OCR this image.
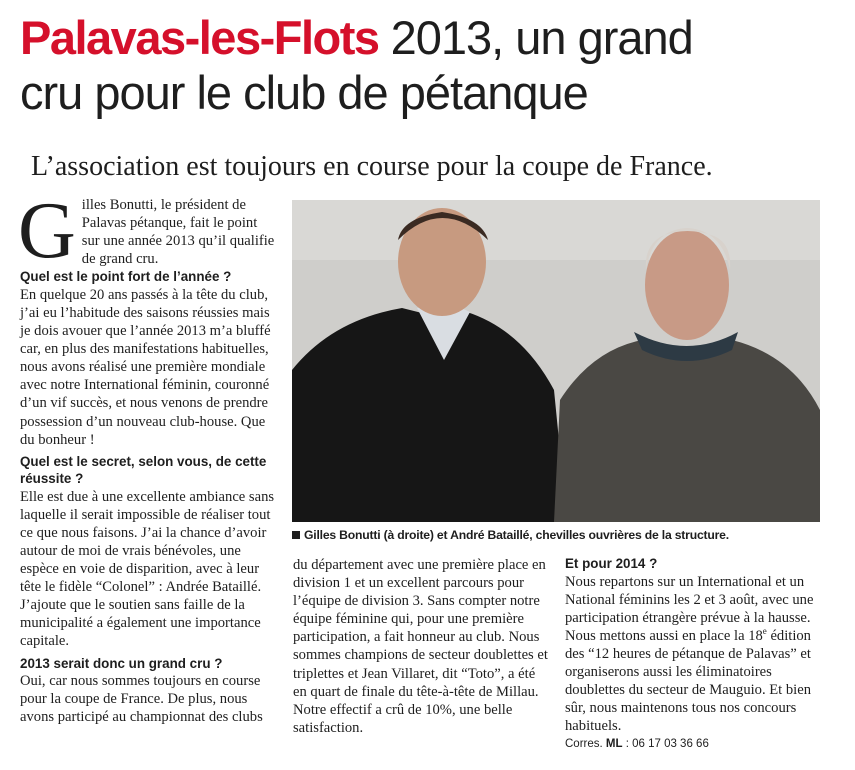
Palavas-les-Flots 2013, un grand
cru pour le club de pétanque
L’association est toujours en course pour la coupe de France.

Gilles Bonutti, le président de Palavas pétanque, fait le point sur une année 2013 qu’il qualifie de grand cru.

Quel est le point fort de l’année ?

En quelque 20 ans passés à la tête du club, j’ai eu l’habitude des saisons réussies mais je dois avouer que l’année 2013 m’a bluffé car, en plus des manifestations habituelles, nous avons réalisé une première mondiale avec notre International féminin, couronné d’un vif succès, et nous venons de prendre possession d’un nouveau club-house. Que du bonheur !

Quel est le secret, selon vous, de cette réussite ?

Elle est due à une excellente ambiance sans laquelle il serait impossible de réaliser tout ce que nous faisons. J’ai la chance d’avoir autour de moi de vrais bénévoles, une espèce en voie de disparition, avec à leur tête le fidèle “Colonel” : Andrée Bataillé. J’ajoute que le soutien sans faille de la municipalité a également une importance capitale.

2013 serait donc un grand cru ?

Oui, car nous sommes toujours en course pour la coupe de France. De plus, nous avons participé au championnat des clubs

Gilles Bonutti (à droite) et André Bataillé, chevilles ouvrières de la structure.

du département avec une première place en division 1 et un excellent parcours pour l’équipe de division 3. Sans compter notre équipe féminine qui, pour une première participation, a fait honneur au club. Nous sommes champions de secteur doublettes et triplettes et Jean Villaret, dit “Toto”, a été en quart de finale du tête-à-tête de Millau. Notre effectif a crû de 10%, une belle satisfaction.

Et pour 2014 ?

Nous repartons sur un International et un National féminins les 2 et 3 août, avec une participation étrangère prévue à la hausse. Nous mettons aussi en place la 18e édition des “12 heures de pétanque de Palavas” et organiserons aussi les éliminatoires doublettes du secteur de Mauguio. Et bien sûr, nous maintenons tous nos concours habituels.

Corres. ML : 06 17 03 36 66
